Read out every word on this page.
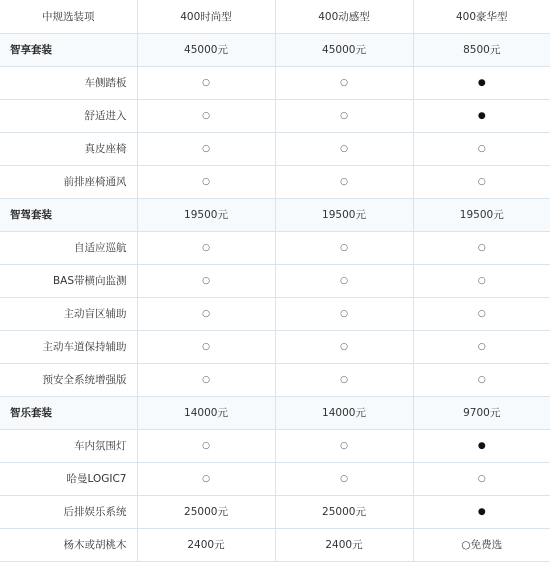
中规选装项	400时尚型	400动感型	400豪华型
智享套装	45000元	45000元	8500元
车侧踏板	○	○	●
舒适进入	○	○	●
真皮座椅	○	○	○
前排座椅通风	○	○	○
智驾套装	19500元	19500元	19500元
自适应巡航	○	○	○
BAS带横向监测	○	○	○
主动盲区辅助	○	○	○
主动车道保持辅助	○	○	○
预安全系统增强版	○	○	○
智乐套装	14000元	14000元	9700元
车内氛围灯	○	○	●
哈曼LOGIC7	○	○	○
后排娱乐系统	25000元	25000元	●
杨木或胡桃木	2400元	2400元	○免费选
